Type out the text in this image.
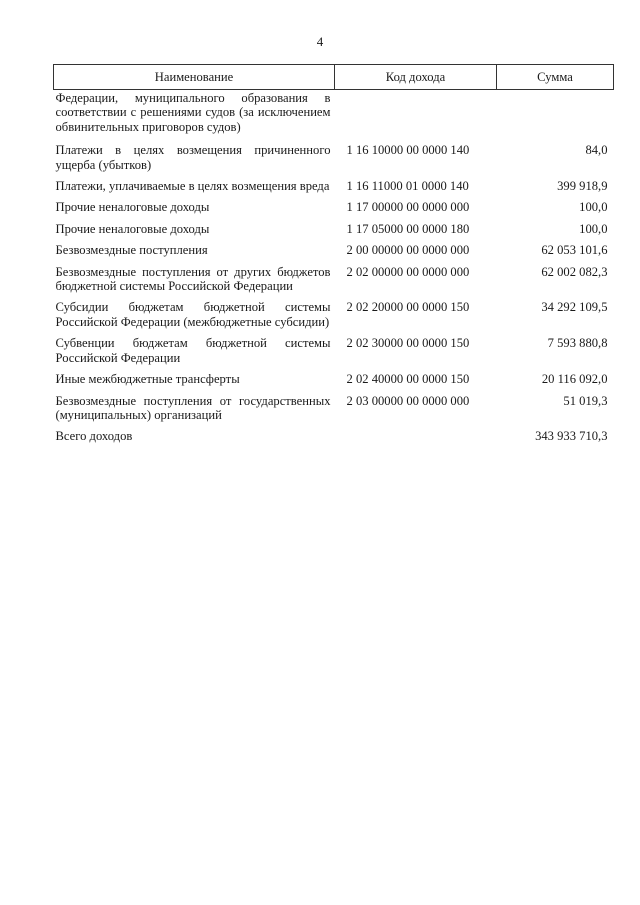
4
Наименование	Код дохода	Сумма
Федерации, муниципального образования в соответствии с решениями судов (за исключением обвинительных приговоров судов)		
Платежи в целях возмещения причиненного ущерба (убытков)	1 16 10000 00 0000 140	84,0
Платежи, уплачиваемые в целях возмещения вреда	1 16 11000 01 0000 140	399 918,9
Прочие неналоговые доходы	1 17 00000 00 0000 000	100,0
Прочие неналоговые доходы	1 17 05000 00 0000 180	100,0
Безвозмездные поступления	2 00 00000 00 0000 000	62 053 101,6
Безвозмездные поступления от других бюджетов бюджетной системы Российской Федерации	2 02 00000 00 0000 000	62 002 082,3
Субсидии бюджетам бюджетной системы Российской Федерации (межбюджетные субсидии)	2 02 20000 00 0000 150	34 292 109,5
Субвенции бюджетам бюджетной системы Российской Федерации	2 02 30000 00 0000 150	7 593 880,8
Иные межбюджетные трансферты	2 02 40000 00 0000 150	20 116 092,0
Безвозмездные поступления от государственных (муниципальных) организаций	2 03 00000 00 0000 000	51 019,3
Всего доходов		343 933 710,3
